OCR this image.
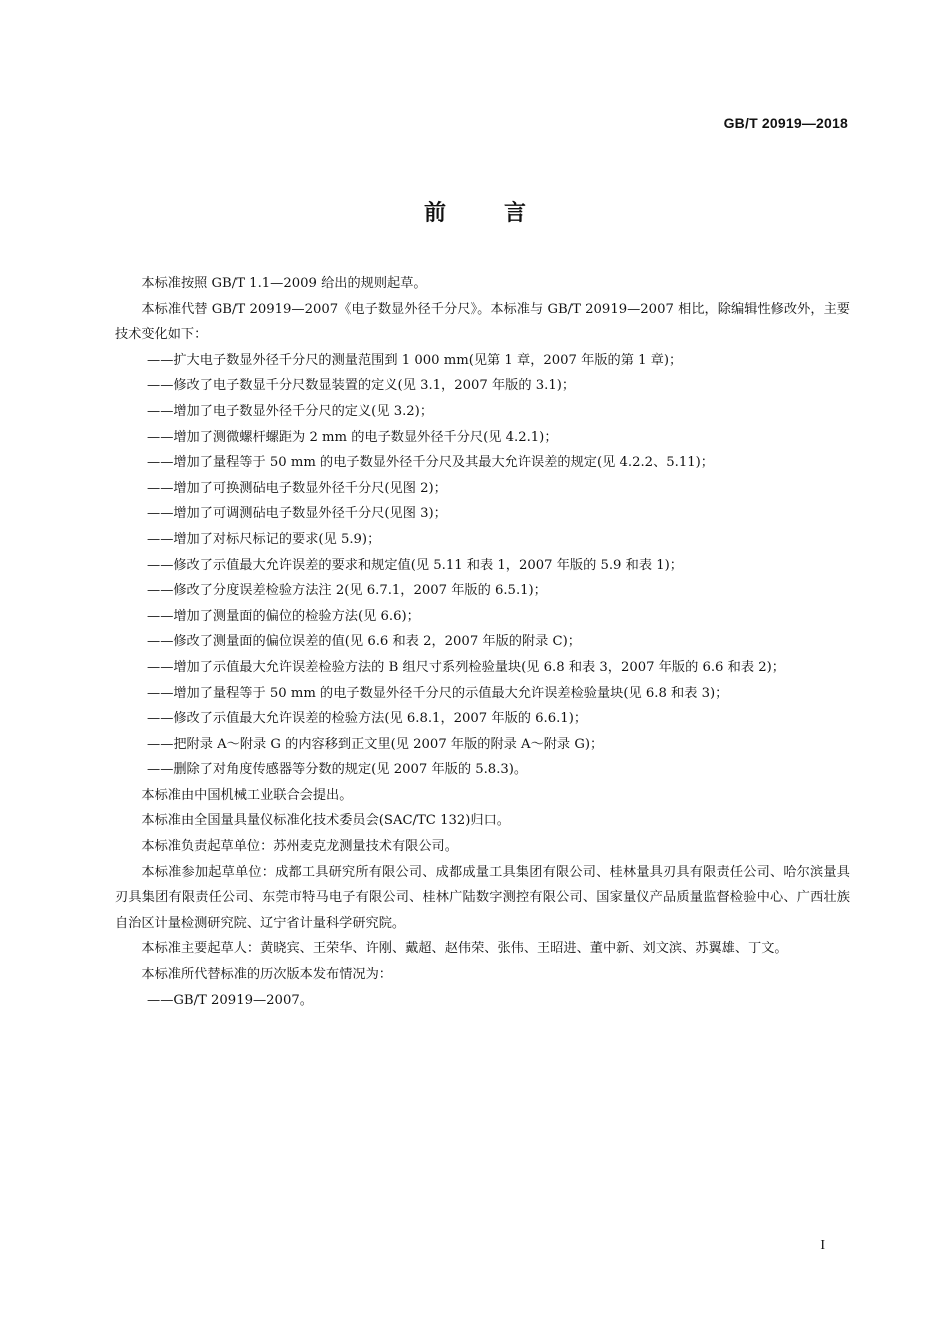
GB/T 20919—2018
前言

本标准按照 GB/T 1.1—2009 给出的规则起草。

本标准代替 GB/T 20919—2007《电子数显外径千分尺》。本标准与 GB/T 20919—2007 相比，除编辑性修改外，主要技术变化如下：

——扩大电子数显外径千分尺的测量范围到 1 000 mm(见第 1 章，2007 年版的第 1 章)；

——修改了电子数显千分尺数显装置的定义(见 3.1，2007 年版的 3.1)；

——增加了电子数显外径千分尺的定义(见 3.2)；

——增加了测微螺杆螺距为 2 mm 的电子数显外径千分尺(见 4.2.1)；

——增加了量程等于 50 mm 的电子数显外径千分尺及其最大允许误差的规定(见 4.2.2、5.11)；

——增加了可换测砧电子数显外径千分尺(见图 2)；

——增加了可调测砧电子数显外径千分尺(见图 3)；

——增加了对标尺标记的要求(见 5.9)；

——修改了示值最大允许误差的要求和规定值(见 5.11 和表 1，2007 年版的 5.9 和表 1)；

——修改了分度误差检验方法注 2(见 6.7.1，2007 年版的 6.5.1)；

——增加了测量面的偏位的检验方法(见 6.6)；

——修改了测量面的偏位误差的值(见 6.6 和表 2，2007 年版的附录 C)；

——增加了示值最大允许误差检验方法的 B 组尺寸系列检验量块(见 6.8 和表 3，2007 年版的 6.6 和表 2)；

——增加了量程等于 50 mm 的电子数显外径千分尺的示值最大允许误差检验量块(见 6.8 和表 3)；

——修改了示值最大允许误差的检验方法(见 6.8.1，2007 年版的 6.6.1)；

——把附录 A～附录 G 的内容移到正文里(见 2007 年版的附录 A～附录 G)；

——删除了对角度传感器等分数的规定(见 2007 年版的 5.8.3)。

本标准由中国机械工业联合会提出。

本标准由全国量具量仪标准化技术委员会(SAC/TC 132)归口。

本标准负责起草单位：苏州麦克龙测量技术有限公司。

本标准参加起草单位：成都工具研究所有限公司、成都成量工具集团有限公司、桂林量具刃具有限责任公司、哈尔滨量具刃具集团有限责任公司、东莞市特马电子有限公司、桂林广陆数字测控有限公司、国家量仪产品质量监督检验中心、广西壮族自治区计量检测研究院、辽宁省计量科学研究院。

本标准主要起草人：黄晓宾、王荣华、许刚、戴超、赵伟荣、张伟、王昭进、董中新、刘文滨、苏翼雄、丁文。

本标准所代替标准的历次版本发布情况为：

——GB/T 20919—2007。

I
